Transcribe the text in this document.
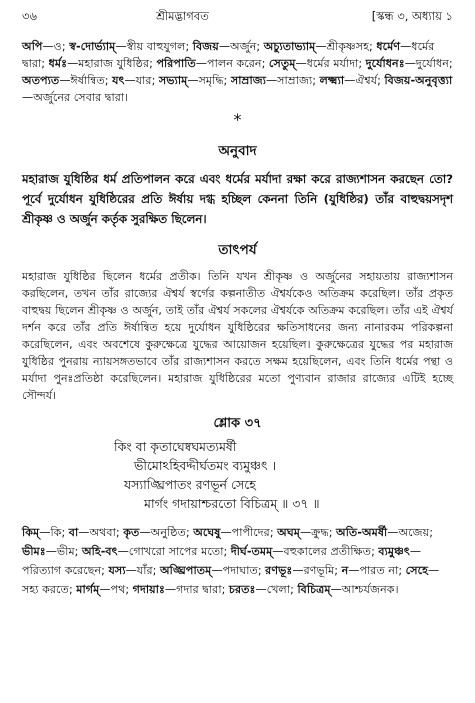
৩৬	শ্রীমদ্ভাগবত	[স্কন্ধ ৩, অধ্যায় ১
অপি—ও; স্ব-দোর্ভ্যাম্—স্বীয় বাহুযুগল; বিজয়—অর্জুন; অচ্যুতাভ্যাম্—শ্রীকৃষ্ণসহ; ধর্মেণ—ধর্মের দ্বারা; ধর্মঃ—মহারাজ যুধিষ্ঠির; পরিপাতি—পালন করেন; সেতুম্—ধর্মের মর্যাদা; দুর্যোধনঃ—দুর্যোধন; অতপ্যত—ঈর্ষান্বিত; যৎ—যার; সভ্যাম্—সমৃদ্ধি; সাম্রাজ্য—সাম্রাজ্য; লক্ষ্ম্যা—ঐশ্বর্য; বিজয়-অনুবৃত্ত্যা—অর্জুনের সেবার দ্বারা।
*
অনুবাদ
মহারাজ যুধিষ্ঠির ধর্ম প্রতিপালন করে এবং ধর্মের মর্যাদা রক্ষা করে রাজ্যশাসন করছেন তো? পূর্বে দুর্যোধন যুধিষ্ঠিরের প্রতি ঈর্ষায় দগ্ধ হচ্ছিল কেননা তিনি (যুধিষ্ঠির) তাঁর বাহুদ্বয়সদৃশ শ্রীকৃষ্ণ ও অর্জুন কর্তৃক সুরক্ষিত ছিলেন।
তাৎপর্য
মহারাজ যুধিষ্ঠির ছিলেন ধর্মের প্রতীক। তিনি যখন শ্রীকৃষ্ণ ও অর্জুনের সহায়তায় রাজ্যশাসন করছিলেন, তখন তাঁর রাজ্যের ঐশ্বর্য স্বর্গের কল্পনাতীত ঐশ্বর্যকেও অতিক্রম করেছিল। তাঁর প্রকৃত বাহুদ্বয় ছিলেন শ্রীকৃষ্ণ ও অর্জুন, তাই তাঁর ঐশ্বর্য সকলের ঐশ্বর্যকে অতিক্রম করেছিল। তাঁর এই ঐশ্বর্য দর্শন করে তাঁর প্রতি ঈর্ষান্বিত হয়ে দুর্যোধন যুধিষ্ঠিরের ক্ষতিসাধনের জন্য নানারকম পরিকল্পনা করেছিলেন, এবং অবশেষে কুরুক্ষেত্রে যুদ্ধের আয়োজন হয়েছিল। কুরুক্ষেত্রের যুদ্ধের পর মহারাজ যুধিষ্ঠির পুনরায় ন্যায়সঙ্গতভাবে তাঁর রাজ্যশাসন করতে সক্ষম হয়েছিলেন, এবং তিনি ধর্মের পন্থা ও মর্যাদা পুনঃপ্রতিষ্ঠা করেছিলেন। মহারাজ যুধিষ্ঠিরের মতো পুণ্যবান রাজার রাজ্যের এটিই হচ্ছে সৌন্দর্য।
শ্লোক ৩৭
কিং বা কৃতাঘেষ্বঘমত্যমর্ষী
ভীমোঽহিবদ্দীর্ঘতমং ব্যমুঞ্চৎ ।
যস্যাঙ্ঘ্রিপাতং রণভূর্ন সেহে
মার্গং গদায়াশ্চরতো বিচিত্রম্ ॥ ৩৭ ॥
কিম্—কি; বা—অথবা; কৃত—অনুষ্ঠিত; অঘেষু—পাপীদের; অঘম্—ক্রুদ্ধ; অতি-অমর্ষী—অজেয়; ভীমঃ—ভীম; অহি-বৎ—গোখরো সাপের মতো; দীর্ঘ-তমম্—বহুকালের প্রতীক্ষিত; ব্যমুঞ্চৎ—পরিত্যাগ করেছেন; যস্য—যাঁর; অঙ্ঘ্রিপাতম্—পদাঘাত; রণভূঃ—রণভূমি; ন—পারত না; সেহে—সহ্য করতে; মার্গম্—পথ; গদায়াঃ—গদার দ্বারা; চরতঃ—খেলা; বিচিত্রম্—আশ্চর্যজনক।
